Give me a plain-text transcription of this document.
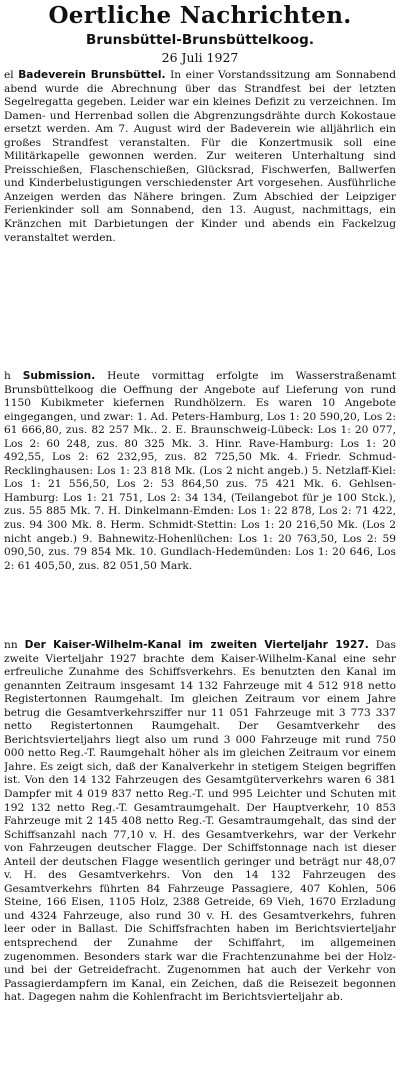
Oertliche Nachrichten.
Brunsbüttel-Brunsbüttelkoog.
26 Juli 1927

el Badeverein Brunsbüttel. In einer Vorstandssitzung am Sonnabend abend wurde die Abrechnung über das Strandfest bei der letzten Segelregatta gegeben. Leider war ein kleines Defizit zu verzeichnen. Im Damen- und Herrenbad sollen die Abgrenzungsdrähte durch Kokostaue ersetzt werden. Am 7. August wird der Badeverein wie alljährlich ein großes Strandfest veranstalten. Für die Konzertmusik soll eine Militärkapelle gewonnen werden. Zur weiteren Unterhaltung sind Preisschießen, Flaschenschießen, Glücksrad, Fischwerfen, Ballwerfen und Kinderbelustigungen verschiedenster Art vorgesehen. Ausführliche Anzeigen werden das Nähere bringen. Zum Abschied der Leipziger Ferienkinder soll am Sonnabend, den 13. August, nachmittags, ein Kränzchen mit Darbietungen der Kinder und abends ein Fackelzug veranstaltet werden.

h Submission. Heute vormittag erfolgte im Wasserstraßenamt Brunsbüttelkoog die Oeffnung der Angebote auf Lieferung von rund 1150 Kubikmeter kiefernen Rundhölzern. Es waren 10 Angebote eingegangen, und zwar: 1. Ad. Peters-Hamburg, Los 1: 20 590,20, Los 2: 61 666,80, zus. 82 257 Mk.. 2. E. Braunschweig-Lübeck: Los 1: 20 077, Los 2: 60 248, zus. 80 325 Mk. 3. Hinr. Rave-Hamburg: Los 1: 20 492,55, Los 2: 62 232,95, zus. 82 725,50 Mk. 4. Friedr. Schmud-Recklinghausen: Los 1: 23 818 Mk. (Los 2 nicht angeb.) 5. Netzlaff-Kiel: Los 1: 21 556,50, Los 2: 53 864,50 zus. 75 421 Mk. 6. Gehlsen-Hamburg: Los 1: 21 751, Los 2: 34 134, (Teilangebot für je 100 Stck.), zus. 55 885 Mk. 7. H. Dinkelmann-Emden: Los 1: 22 878, Los 2: 71 422, zus. 94 300 Mk. 8. Herm. Schmidt-Stettin: Los 1: 20 216,50 Mk. (Los 2 nicht angeb.) 9. Bahnewitz-Hohenlüchen: Los 1: 20 763,50, Los 2: 59 090,50, zus. 79 854 Mk. 10. Gundlach-Hedemünden: Los 1: 20 646, Los 2: 61 405,50, zus. 82 051,50 Mark.

nn Der Kaiser-Wilhelm-Kanal im zweiten Vierteljahr 1927. Das zweite Vierteljahr 1927 brachte dem Kaiser-Wilhelm-Kanal eine sehr erfreuliche Zunahme des Schiffsverkehrs. Es benutzten den Kanal im genannten Zeitraum insgesamt 14 132 Fahrzeuge mit 4 512 918 netto Registertonnen Raumgehalt. Im gleichen Zeitraum vor einem Jahre betrug die Gesamtverkehrsziffer nur 11 051 Fahrzeuge mit 3 773 337 netto Registertonnen Raumgehalt. Der Gesamtverkehr des Berichtsvierteljahrs liegt also um rund 3 000 Fahrzeuge mit rund 750 000 netto Reg.-T. Raumgehalt höher als im gleichen Zeitraum vor einem Jahre. Es zeigt sich, daß der Kanalverkehr in stetigem Steigen begriffen ist. Von den 14 132 Fahrzeugen des Gesamtgüterverkehrs waren 6 381 Dampfer mit 4 019 837 netto Reg.-T. und 995 Leichter und Schuten mit 192 132 netto Reg.-T. Gesamtraumgehalt. Der Hauptverkehr, 10 853 Fahrzeuge mit 2 145 408 netto Reg.-T. Gesamtraumgehalt, das sind der Schiffsanzahl nach 77,10 v. H. des Gesamtverkehrs, war der Verkehr von Fahrzeugen deutscher Flagge. Der Schiffstonnage nach ist dieser Anteil der deutschen Flagge wesentlich geringer und beträgt nur 48,07 v. H. des Gesamtverkehrs. Von den 14 132 Fahrzeugen des Gesamtverkehrs führten 84 Fahrzeuge Passagiere, 407 Kohlen, 506 Steine, 166 Eisen, 1105 Holz, 2388 Getreide, 69 Vieh, 1670 Erzladung und 4324 Fahrzeuge, also rund 30 v. H. des Gesamtverkehrs, fuhren leer oder in Ballast. Die Schiffsfrachten haben im Berichtsvierteljahr entsprechend der Zunahme der Schiffahrt, im allgemeinen zugenommen. Besonders stark war die Frachtenzunahme bei der Holz- und bei der Getreidefracht. Zugenommen hat auch der Verkehr von Passagierdampfern im Kanal, ein Zeichen, daß die Reisezeit begonnen hat. Dagegen nahm die Kohlenfracht im Berichtsvierteljahr ab.
